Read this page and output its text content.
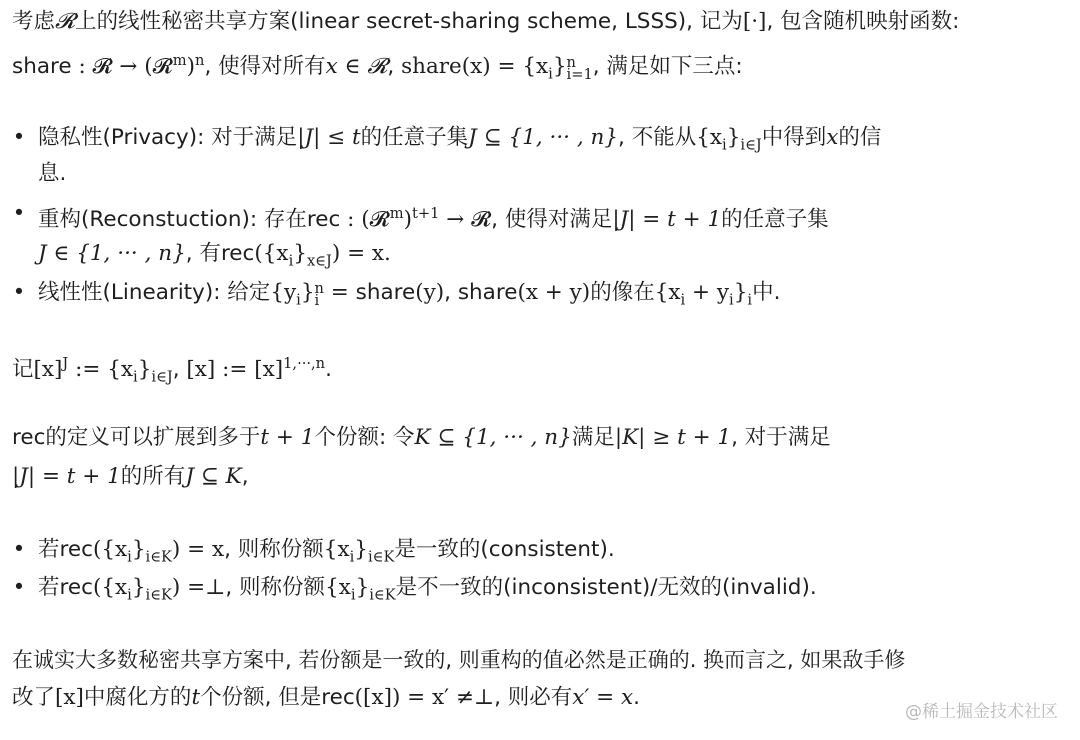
考虑𝓡上的线性秘密共享方案(linear secret-sharing scheme, LSSS), 记为[·], 包含随机映射函数:
share : 𝓡 → (𝓡$^m$)$^n$, 使得对所有x ∈ 𝓡, share(x) = $\{x_i\}$ n
i=1 , 满足如下三点:
• 隐私性(Privacy): 对于满足|J| ≤ t的任意子集J ⊆ {1, ··· , n}, 不能从$\{x_i\}_{i\in J}$中得到x的信
息.
• 重构(Reconstuction): 存在rec : (𝓡$^m$)$^{t+1}$ → 𝓡, 使得对满足|J| = t + 1的任意子集
J ∈ {1, ··· , n}, 有$rec(\{x_i\}_{x\in J}) = x$.
• 线性性(Linearity): 给定$\{y_i\}$ n
i = share(y), share(x + y)的像在$\{x_i + y_i\}_i$中.
记$[x]^J$ := $\{x_i\}_{i\in J}$, [x] := $[x]^{1,\cdot\cdot\cdot,n}$.
rec的定义可以扩展到多于t + 1个份额: 令K ⊆ {1, ··· , n}满足|K| ≥ t + 1, 对于满足
|J| = t + 1的所有J ⊆ K,
• 若$rec(\{x_i\}_{i\in K}) = x$, 则称份额$\{x_i\}_{i\in K}$是一致的(consistent).
• 若$rec(\{x_i\}_{i\in K})$ =⊥, 则称份额$\{x_i\}_{i\in K}$是不一致的(inconsistent)/无效的(invalid).
在诚实大多数秘密共享方案中, 若份额是一致的, 则重构的值必然是正确的. 换而言之, 如果敌手修
改了[x]中腐化方的t个份额, 但是rec([x]) = x′ ≠⊥, 则必有x′ = x.
@稀土掘金技术社区
